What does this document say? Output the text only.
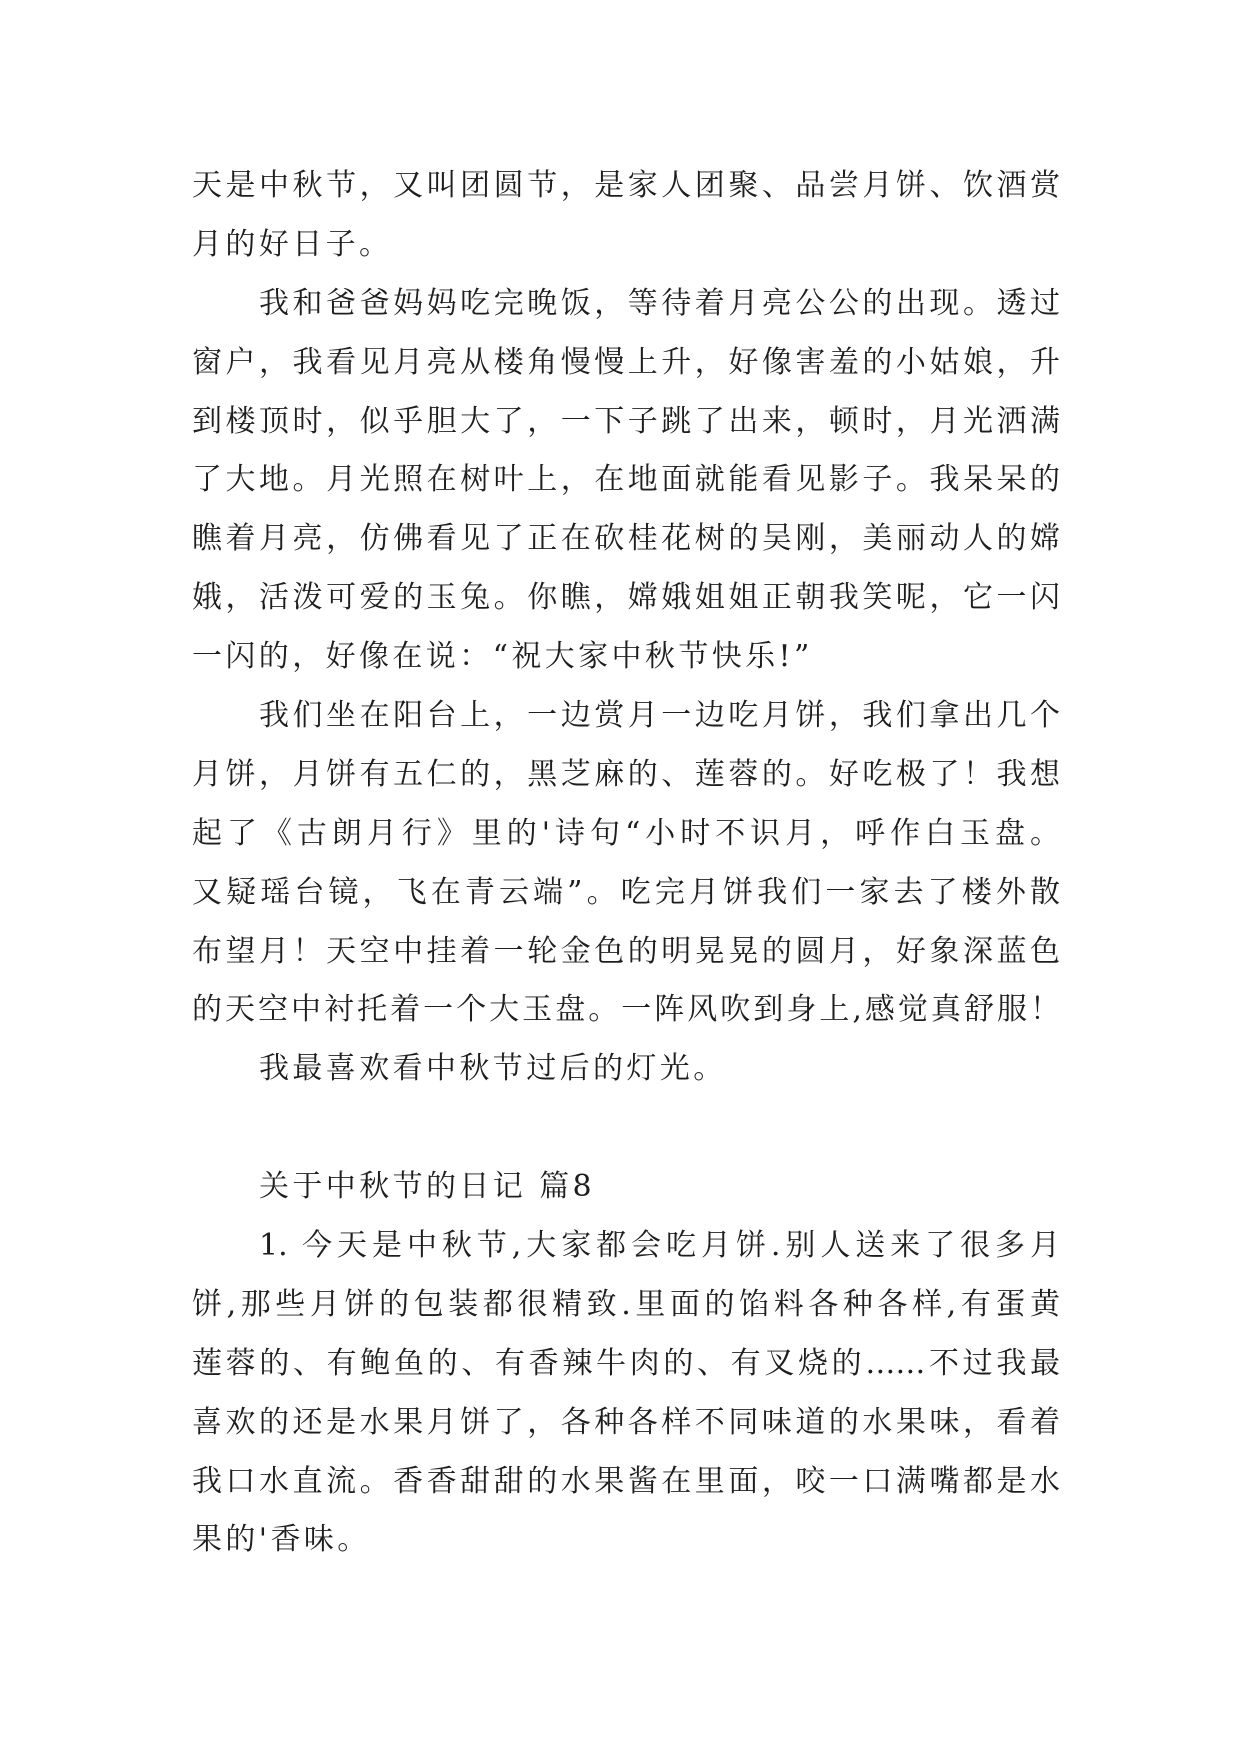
天是中秋节，又叫团圆节，是家人团聚、品尝月饼、饮酒赏
月的好日子。
我和爸爸妈妈吃完晚饭，等待着月亮公公的出现。透过
窗户，我看见月亮从楼角慢慢上升，好像害羞的小姑娘，升
到楼顶时，似乎胆大了，一下子跳了出来，顿时，月光洒满
了大地。月光照在树叶上，在地面就能看见影子。我呆呆的
瞧着月亮，仿佛看见了正在砍桂花树的吴刚，美丽动人的嫦
娥，活泼可爱的玉兔。你瞧，嫦娥姐姐正朝我笑呢，它一闪
一闪的，好像在说：“祝大家中秋节快乐!”
我们坐在阳台上，一边赏月一边吃月饼，我们拿出几个
月饼，月饼有五仁的，黑芝麻的、莲蓉的。好吃极了！我想
起了《古朗月行》里的'诗句“小时不识月，呼作白玉盘。
又疑瑶台镜，飞在青云端”。吃完月饼我们一家去了楼外散
布望月！天空中挂着一轮金色的明晃晃的圆月，好象深蓝色
的天空中衬托着一个大玉盘。一阵风吹到身上,感觉真舒服！
我最喜欢看中秋节过后的灯光。
关于中秋节的日记 篇8
1. 今天是中秋节,大家都会吃月饼.别人送来了很多月
饼,那些月饼的包装都很精致.里面的馅料各种各样,有蛋黄
莲蓉的、有鲍鱼的、有香辣牛肉的、有叉烧的……不过我最
喜欢的还是水果月饼了，各种各样不同味道的水果味，看着
我口水直流。香香甜甜的水果酱在里面，咬一口满嘴都是水
果的'香味。
